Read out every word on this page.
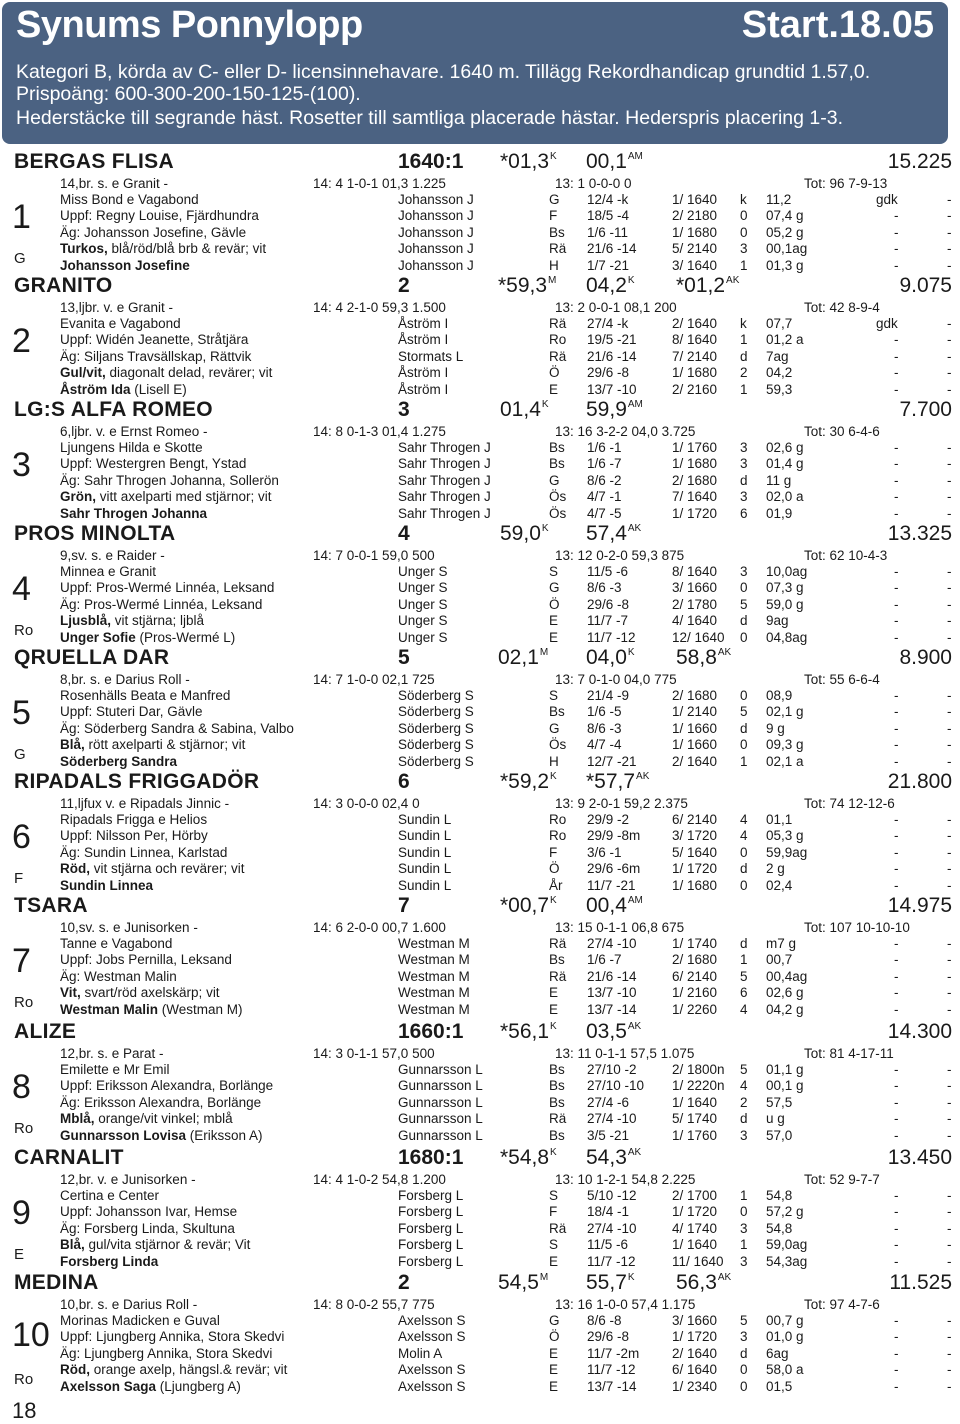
Synums Ponnylopp	Start.18.05
Kategori B, körda av C- eller D- licensinnehavare. 1640 m. Tillägg Rekordhandicap grundtid 1.57,0.
Prispoäng: 600-300-200-150-125-(100).
Hederstäcke till segrande häst. Rosetter till samtliga placerade hästar. Hederspris placering 1-3.
BERGAS FLISA	1640:1 $*01,3^K$ $00,1^{AM}$	15.225
14,br. s. e Granit -	14: 4 1-0-1 01,3 1.225	13: 1 0-0-0 0	Tot: 96 7-9-13
Miss Bond e Vagabond	Johansson J	G 12/4 -k	1/ 1640 k 11,2	gdk	-
Uppf: Regny Louise, Fjärdhundra	Johansson J	F 18/5 -4	2/ 2180 0 07,4 g	-	-
Äg: Johansson Josefine, Gävle	Johansson J	Bs 1/6 -11	1/ 1680 0 05,2 g	-	-
Turkos, blå/röd/blå brb & revär; vit	Johansson J	Rä 21/6 -14	5/ 2140 3 00,1ag	-	-
Johansson Josefine	Johansson J	H 1/7 -21	3/ 1640 1 01,3 g	-	-
1
G
GRANITO	2	$*59,3^M$ $04,2^K$ $*01,2^{AK}$	9.075
13,ljbr. v. e Granit -	14: 4 2-1-0 59,3 1.500	13: 2 0-0-1 08,1 200	Tot: 42 8-9-4
Evanita e Vagabond	Åström I	Rä 27/4 -k	2/ 1640 k 07,7	gdk	-
Uppf: Widén Jeanette, Stråtjära	Åström I	Ro 19/5 -21	8/ 1640 1 01,2 a	-	-
Äg: Siljans Travsällskap, Rättvik	Stormats L	Rä 21/6 -14	7/ 2140 d 7ag	-	-
Gul/vit, diagonalt delad, revärer; vit	Åström I	Ö 29/6 -8	1/ 1680 2 04,2	-	-
Åström Ida (Lisell E)	Åström I	E 13/7 -10	2/ 2160 1 59,3	-	-
2
LG:S ALFA ROMEO	3	$01,4^K$ $59,9^{AM}$	7.700
6,ljbr. v. e Ernst Romeo -	14: 8 0-1-3 01,4 1.275	13: 16 3-2-2 04,0 3.725	Tot: 30 6-4-6
Ljungens Hilda e Skotte	Sahr Throgen J	Bs 1/6 -1	1/ 1760 3 02,6 g	-	-
Uppf: Westergren Bengt, Ystad	Sahr Throgen J	Bs 1/6 -7	1/ 1680 3 01,4 g	-	-
Äg: Sahr Throgen Johanna, Sollerön	Sahr Throgen J	G 8/6 -2	2/ 1680 d 11 g	-	-
Grön, vitt axelparti med stjärnor; vit	Sahr Throgen J	Ös 4/7 -1	7/ 1640 3 02,0 a	-	-
Sahr Throgen Johanna	Sahr Throgen J	Ös 4/7 -5	1/ 1720 6 01,9	-	-
3
PROS MINOLTA	4	$59,0^K$ $57,4^{AK}$	13.325
9,sv. s. e Raider -	14: 7 0-0-1 59,0 500	13: 12 0-2-0 59,3 875	Tot: 62 10-4-3
Minnea e Granit	Unger S	S 11/5 -6	8/ 1640 3 10,0ag	-	-
Uppf: Pros-Wermé Linnéa, Leksand	Unger S	G 8/6 -3	3/ 1660 0 07,3 g	-	-
Äg: Pros-Wermé Linnéa, Leksand	Unger S	Ö 29/6 -8	2/ 1780 5 59,0 g	-	-
Ljusblå, vit stjärna; ljblå	Unger S	E 11/7 -7	4/ 1640 d 9ag	-	-
Unger Sofie (Pros-Wermé L)	Unger S	E 11/7 -12	12/ 1640 0 04,8ag	-	-
4
Ro
QRUELLA DAR	5	$02,1^M$ $04,0^K$ $58,8^{AK}$	8.900
8,br. s. e Darius Roll -	14: 7 1-0-0 02,1 725	13: 7 0-1-0 04,0 775	Tot: 55 6-6-4
Rosenhälls Beata e Manfred	Söderberg S	S 21/4 -9	2/ 1680 0 08,9	-	-
Uppf: Stuteri Dar, Gävle	Söderberg S	Bs 1/6 -5	1/ 2140 5 02,1 g	-	-
Äg: Söderberg Sandra & Sabina, Valbo	Söderberg S	G 8/6 -3	1/ 1660 d 9 g	-	-
Blå, rött axelparti & stjärnor; vit	Söderberg S	Ös 4/7 -4	1/ 1660 0 09,3 g	-	-
Söderberg Sandra	Söderberg S	H 12/7 -21	2/ 1640 1 02,1 a	-	-
5
G
RIPADALS FRIGGADÖR	6	$*59,2^K$ $*57,7^{AK}$	21.800
11,ljfux v. e Ripadals Jinnic -	14: 3 0-0-0 02,4 0	13: 9 2-0-1 59,2 2.375	Tot: 74 12-12-6
Ripadals Frigga e Helios	Sundin L	Ro 29/9 -2	6/ 2140 4 01,1	-	-
Uppf: Nilsson Per, Hörby	Sundin L	Ro 29/9 -8m 3/ 1720 4 05,3 g	-	-
Äg: Sundin Linnea, Karlstad	Sundin L	F 3/6 -1	5/ 1640 0 59,9ag	-	-
Röd, vit stjärna och revärer; vit	Sundin L	Ö 29/6 -6m 1/ 1720 d 2 g	-	-
Sundin Linnea	Sundin L	År 11/7 -21	1/ 1680 0 02,4	-	-
6
F
TSARA	7	$*00,7^K$ $00,4^{AM}$	14.975
10,sv. s. e Junisorken -	14: 6 2-0-0 00,7 1.600	13: 15 0-1-1 06,8 675	Tot: 107 10-10-10
Tanne e Vagabond	Westman M	Rä 27/4 -10	1/ 1740 d m7 g	-	-
Uppf: Jobs Pernilla, Leksand	Westman M	Bs 1/6 -7	2/ 1680 1 00,7	-	-
Äg: Westman Malin	Westman M	Rä 21/6 -14	6/ 2140 5 00,4ag	-	-
Vit, svart/röd axelskärp; vit	Westman M	E 13/7 -10	1/ 2160 6 02,6 g	-	-
Westman Malin (Westman M)	Westman M	E 13/7 -14	1/ 2260 4 04,2 g	-	-
7
Ro
ALIZE	1660:1 $*56,1^K$ $03,5^{AK}$	14.300
12,br. s. e Parat -	14: 3 0-1-1 57,0 500	13: 11 0-1-1 57,5 1.075	Tot: 81 4-17-11
Emilette e Mr Emil	Gunnarsson L	Bs 27/10 -2	2/ 1800n 5 01,1 g	-	-
Uppf: Eriksson Alexandra, Borlänge	Gunnarsson L	Bs 27/10 -10 1/ 2220n 4 00,1 g	-	-
Äg: Eriksson Alexandra, Borlänge	Gunnarsson L	Bs 27/4 -6	1/ 1640 2 57,5	-	-
Mblå, orange/vit vinkel; mblå	Gunnarsson L	Rä 27/4 -10	5/ 1740 d u g	-	-
Gunnarsson Lovisa (Eriksson A)	Gunnarsson L	Bs 3/5 -21	1/ 1760 3 57,0	-	-
8
Ro
CARNALIT	1680:1 $*54,8^K$ $54,3^{AK}$	13.450
12,br. v. e Junisorken -	14: 4 1-0-2 54,8 1.200	13: 10 1-2-1 54,8 2.225	Tot: 52 9-7-7
Certina e Center	Forsberg L	S 5/10 -12	2/ 1700 1 54,8	-	-
Uppf: Johansson Ivar, Hemse	Forsberg L	F 18/4 -1	1/ 1720 0 57,2 g	-	-
Äg: Forsberg Linda, Skultuna	Forsberg L	Rä 27/4 -10	4/ 1740 3 54,8	-	-
Blå, gul/vita stjärnor & revär; Vit	Forsberg L	S 11/5 -6	1/ 1640 1 59,0ag	-	-
Forsberg Linda	Forsberg L	E 11/7 -12	11/ 1640 3 54,3ag	-	-
9
E
MEDINA	2	$54,5^M$ $55,7^K$ $56,3^{AK}$	11.525
10,br. s. e Darius Roll -	14: 8 0-0-2 55,7 775	13: 16 1-0-0 57,4 1.175	Tot: 97 4-7-6
Morinas Madicken e Guval	Axelsson S	G 8/6 -8	3/ 1660 5 00,7 g	-	-
Uppf: Ljungberg Annika, Stora Skedvi	Axelsson S	Ö 29/6 -8	1/ 1720 3 01,0 g	-	-
Äg: Ljungberg Annika, Stora Skedvi	Molin A	E 11/7 -2m 2/ 1640 d 6ag	-	-
Röd, orange axelp, hängsl.& revär; vit	Axelsson S	E 11/7 -12	6/ 1640 0 58,0 a	-	-
Axelsson Saga (Ljungberg A)	Axelsson S	E 13/7 -14	1/ 2340 0 01,5	-	-
10
Ro
18
